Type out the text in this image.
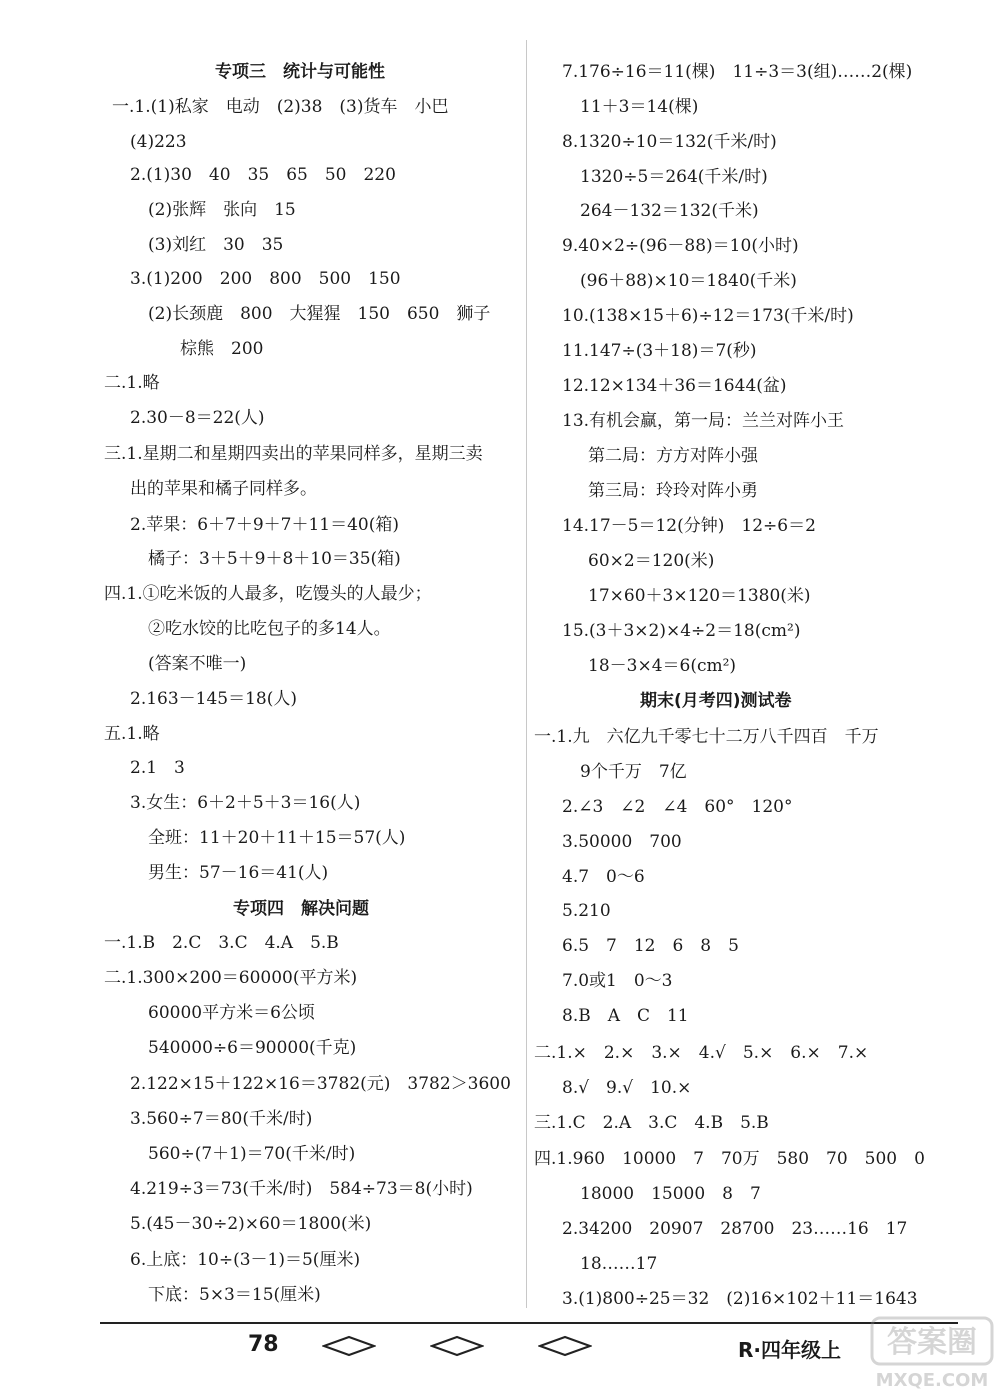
专项三　统计与可能性
一.1.(1)私家　电动　(2)38　(3)货车　小巴
(4)223
2.(1)30　40　35　65　50　220
(2)张辉　张向　15
(3)刘红　30　35
3.(1)200　200　800　500　150
(2)长颈鹿　800　大猩猩　150　650　狮子
棕熊　200
二.1.略
2.30－8＝22(人)
三.1.星期二和星期四卖出的苹果同样多，星期三卖
出的苹果和橘子同样多。
2.苹果：6＋7＋9＋7＋11＝40(箱)
橘子：3＋5＋9＋8＋10＝35(箱)
四.1.①吃米饭的人最多，吃馒头的人最少；
②吃水饺的比吃包子的多14人。
(答案不唯一)
2.163－145＝18(人)
五.1.略
2.1　3
3.女生：6＋2＋5＋3＝16(人)
全班：11＋20＋11＋15＝57(人)
男生：57－16＝41(人)
专项四　解决问题
一.1.B　2.C　3.C　4.A　5.B
二.1.300×200＝60000(平方米)
60000平方米＝6公顷
540000÷6＝90000(千克)
2.122×15＋122×16＝3782(元)　3782＞3600
3.560÷7＝80(千米/时)
560÷(7＋1)＝70(千米/时)
4.219÷3＝73(千米/时)　584÷73＝8(小时)
5.(45－30÷2)×60＝1800(米)
6.上底：10÷(3－1)＝5(厘米)
下底：5×3＝15(厘米)
7.176÷16＝11(棵)　11÷3＝3(组)……2(棵)
11＋3＝14(棵)
8.1320÷10＝132(千米/时)
1320÷5＝264(千米/时)
264－132＝132(千米)
9.40×2÷(96－88)＝10(小时)
(96＋88)×10＝1840(千米)
10.(138×15＋6)÷12＝173(千米/时)
11.147÷(3＋18)＝7(秒)
12.12×134＋36＝1644(盆)
13.有机会赢，第一局：兰兰对阵小王
第二局：方方对阵小强
第三局：玲玲对阵小勇
14.17－5＝12(分钟)　12÷6＝2
60×2＝120(米)
17×60＋3×120＝1380(米)
15.(3＋3×2)×4÷2＝18(cm²)
18－3×4＝6(cm²)
期末(月考四)测试卷
一.1.九　六亿九千零七十二万八千四百　千万
9个千万　7亿
2.∠3　∠2　∠4　60°　120°
3.50000　700
4.7　0～6
5.210
6.5　7　12　6　8　5
7.0或1　0～3
8.B　A　C　11
二.1.×　2.×　3.×　4.√　5.×　6.×　7.×
8.√　9.√　10.×
三.1.C　2.A　3.C　4.B　5.B
四.1.960　10000　7　70万　580　70　500　0
18000　15000　8　7
2.34200　20907　28700　23……16　17
18……17
3.(1)800÷25＝32　(2)16×102＋11＝1643
78	R·四年级上 答案圈
MXQE.COM
